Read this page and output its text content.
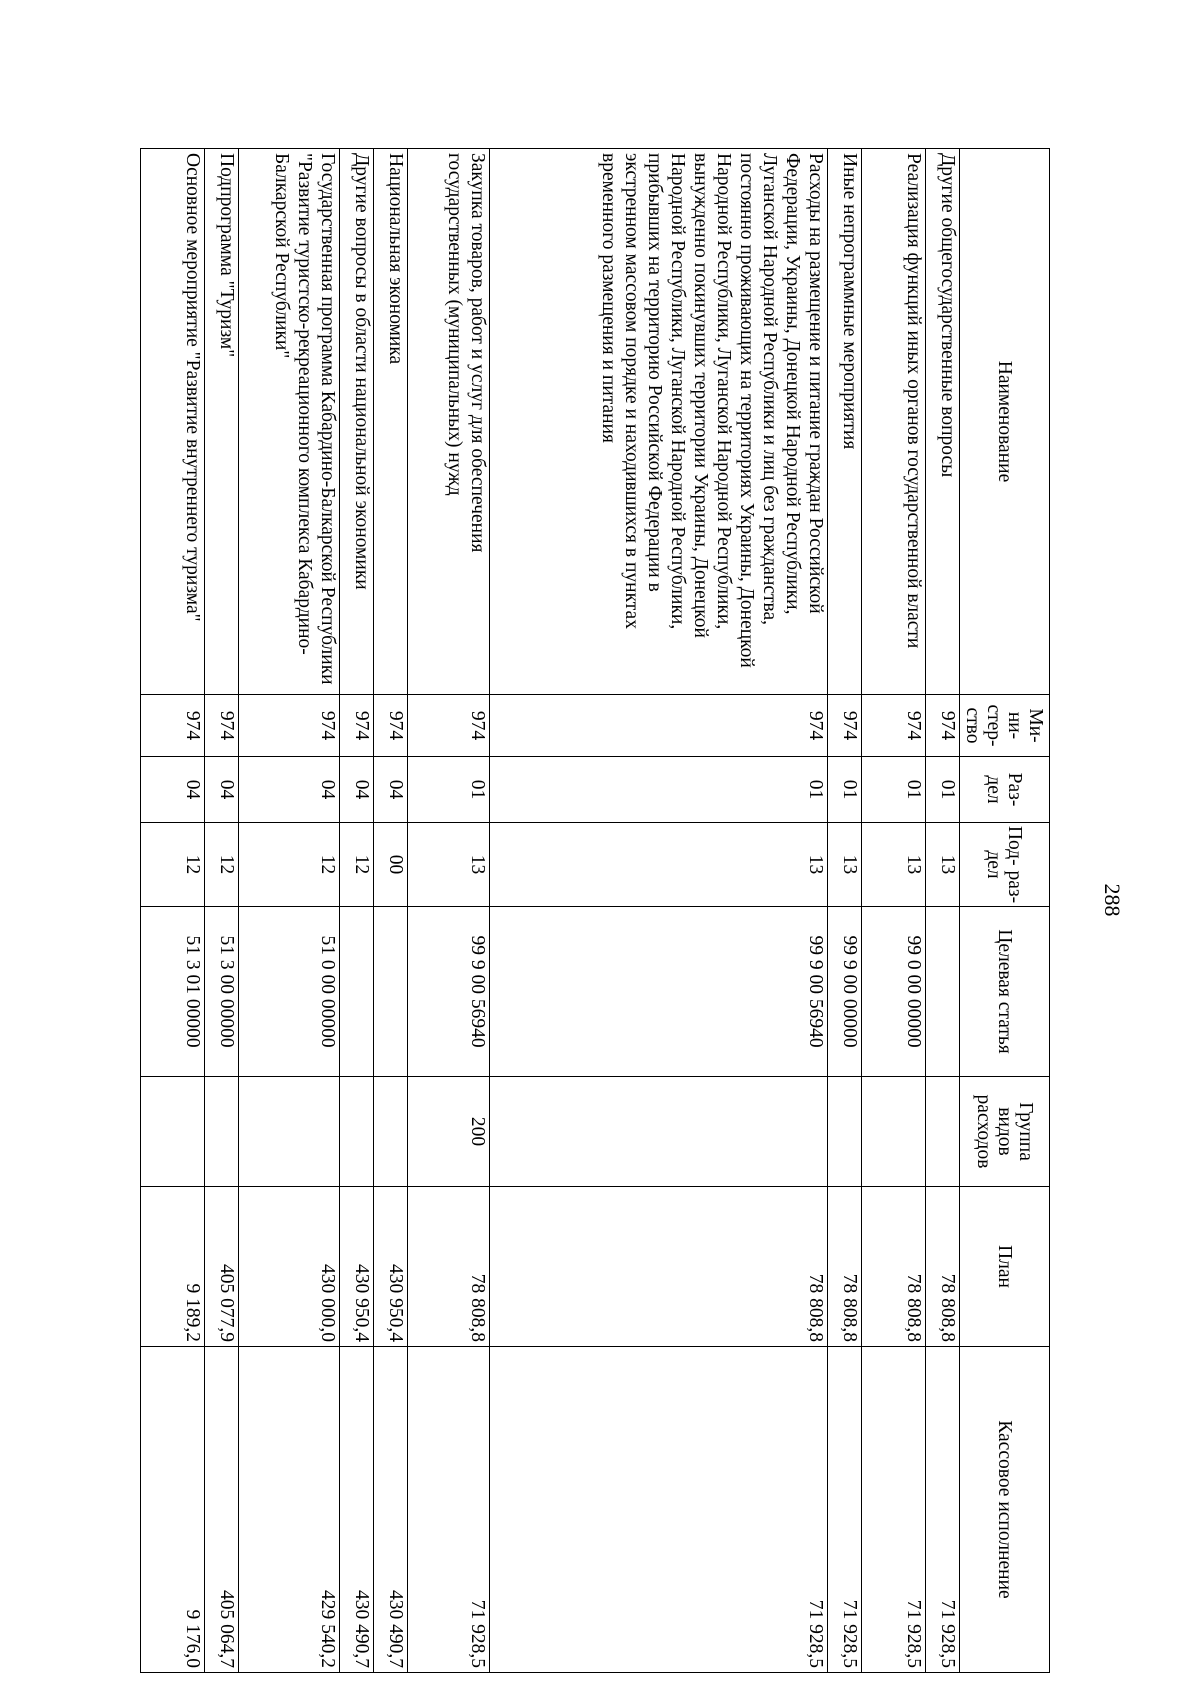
288
Наименование	Ми- ни- стер- ство	Раз- дел	Под- раз- дел	Целевая статья	Группа видов расходов	План	Кассовое исполнение
Другие общегосударственные вопросы	974	01	13			78 808,8	71 928,5
Реализация функций иных органов государственной власти	974	01	13	99 0 00 00000		78 808,8	71 928,5
Иные непрограммные мероприятия	974	01	13	99 9 00 00000		78 808,8	71 928,5
Расходы на размещение и питание граждан Российской Федерации, Украины, Донецкой Народной Республики, Луганской Народной Республики и лиц без гражданства, постоянно проживающих на территориях Украины, Донецкой Народной Республики, Луганской Народной Республики, вынужденно покинувших территории Украины, Донецкой Народной Республики, Луганской Народной Республики, прибывших на территорию Российской Федерации в экстренном массовом порядке и находившихся в пунктах временного размещения и питания	974	01	13	99 9 00 56940		78 808,8	71 928,5
Закупка товаров, работ и услуг для обеспечения государственных (муниципальных) нужд	974	01	13	99 9 00 56940	200	78 808,8	71 928,5
Национальная экономика	974	04	00			430 950,4	430 490,7
Другие вопросы в области национальной экономики	974	04	12			430 950,4	430 490,7
Государственная программа Кабардино-Балкарской Республики "Развитие туристско-рекреационного комплекса Кабардино-Балкарской Республики"	974	04	12	51 0 00 00000		430 000,0	429 540,2
Подпрограмма "Туризм"	974	04	12	51 3 00 00000		405 077,9	405 064,7
Основное мероприятие "Развитие внутреннего туризма"	974	04	12	51 3 01 00000		9 189,2	9 176,0
